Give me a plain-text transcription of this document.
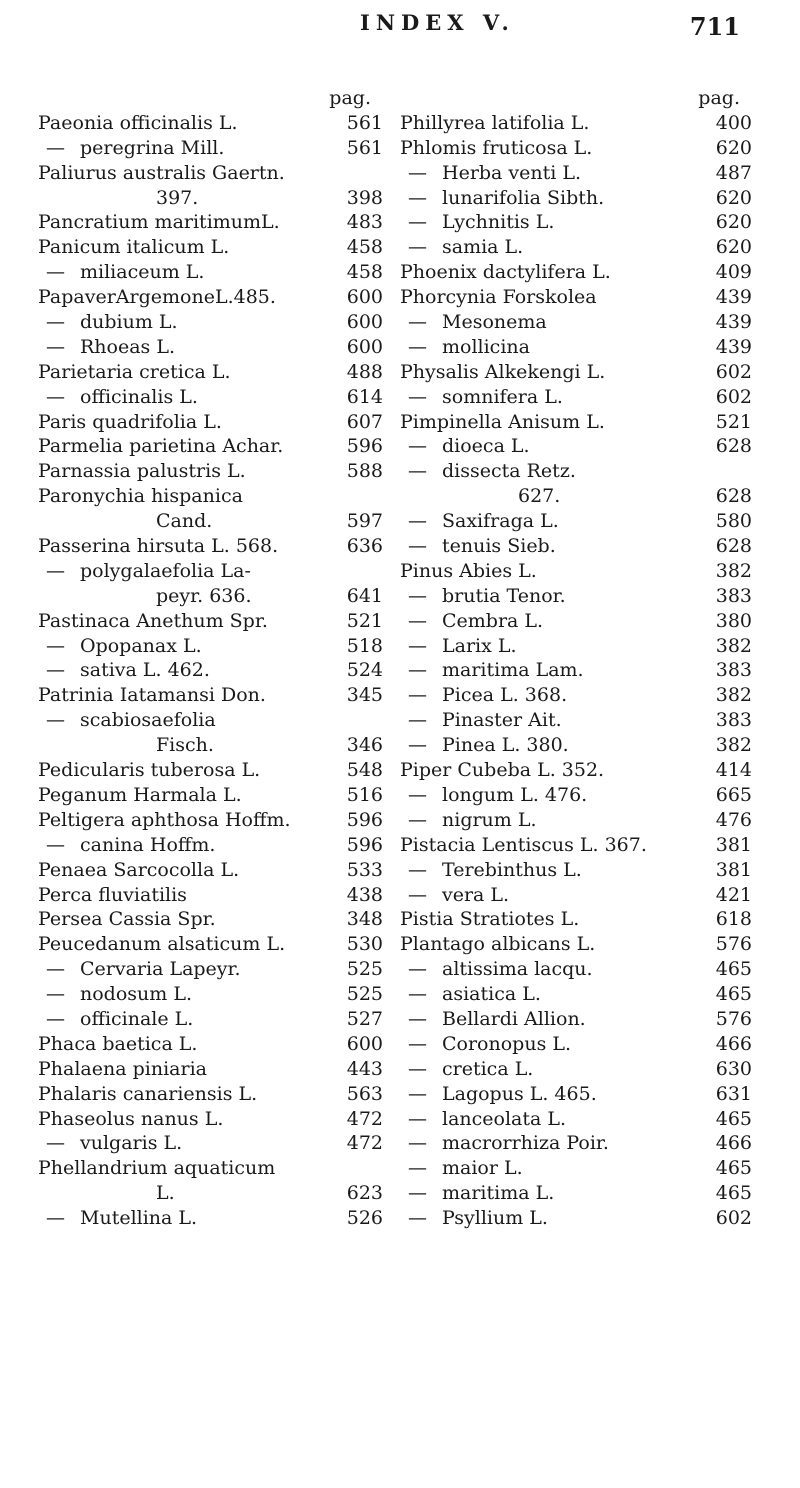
INDEX V.	711
pag.
Paeonia officinalis L.	561
— peregrina Mill.	561
Paliurus australis Gaertn.
397.	398
Pancratium maritimumL.	483
Panicum italicum L.	458
— miliaceum L.	458
PapaverArgemoneL.485.	600
— dubium L.	600
— Rhoeas L.	600
Parietaria cretica L.	488
— officinalis L.	614
Paris quadrifolia L.	607
Parmelia parietina Achar.	596
Parnassia palustris L.	588
Paronychia hispanica
Cand.	597
Passerina hirsuta L. 568.	636
— polygalaefolia La-
peyr. 636.	641
Pastinaca Anethum Spr.	521
— Opopanax L.	518
— sativa L. 462.	524
Patrinia Iatamansi Don.	345
— scabiosaefolia
Fisch.	346
Pedicularis tuberosa L.	548
Peganum Harmala L.	516
Peltigera aphthosa Hoffm.	596
— canina Hoffm.	596
Penaea Sarcocolla L.	533
Perca fluviatilis	438
Persea Cassia Spr.	348
Peucedanum alsaticum L.	530
— Cervaria Lapeyr.	525
— nodosum L.	525
— officinale L.	527
Phaca baetica L.	600
Phalaena piniaria	443
Phalaris canariensis L.	563
Phaseolus nanus L.	472
— vulgaris L.	472
Phellandrium aquaticum
L.	623
— Mutellina L.	526
pag.
Phillyrea latifolia L.	400
Phlomis fruticosa L.	620
— Herba venti L.	487
— lunarifolia Sibth.	620
— Lychnitis L.	620
— samia L.	620
Phoenix dactylifera L.	409
Phorcynia Forskolea	439
— Mesonema	439
— mollicina	439
Physalis Alkekengi L.	602
— somnifera L.	602
Pimpinella Anisum L.	521
— dioeca L.	628
— dissecta Retz.
627.	628
— Saxifraga L.	580
— tenuis Sieb.	628
Pinus Abies L.	382
— brutia Tenor.	383
— Cembra L.	380
— Larix L.	382
— maritima Lam.	383
— Picea L. 368.	382
— Pinaster Ait.	383
— Pinea L. 380.	382
Piper Cubeba L. 352.	414
— longum L. 476.	665
— nigrum L.	476
Pistacia Lentiscus L. 367.	381
— Terebinthus L.	381
— vera L.	421
Pistia Stratiotes L.	618
Plantago albicans L.	576
— altissima lacqu.	465
— asiatica L.	465
— Bellardi Allion.	576
— Coronopus L.	466
— cretica L.	630
— Lagopus L. 465.	631
— lanceolata L.	465
— macrorrhiza Poir.	466
— maior L.	465
— maritima L.	465
— Psyllium L.	602
